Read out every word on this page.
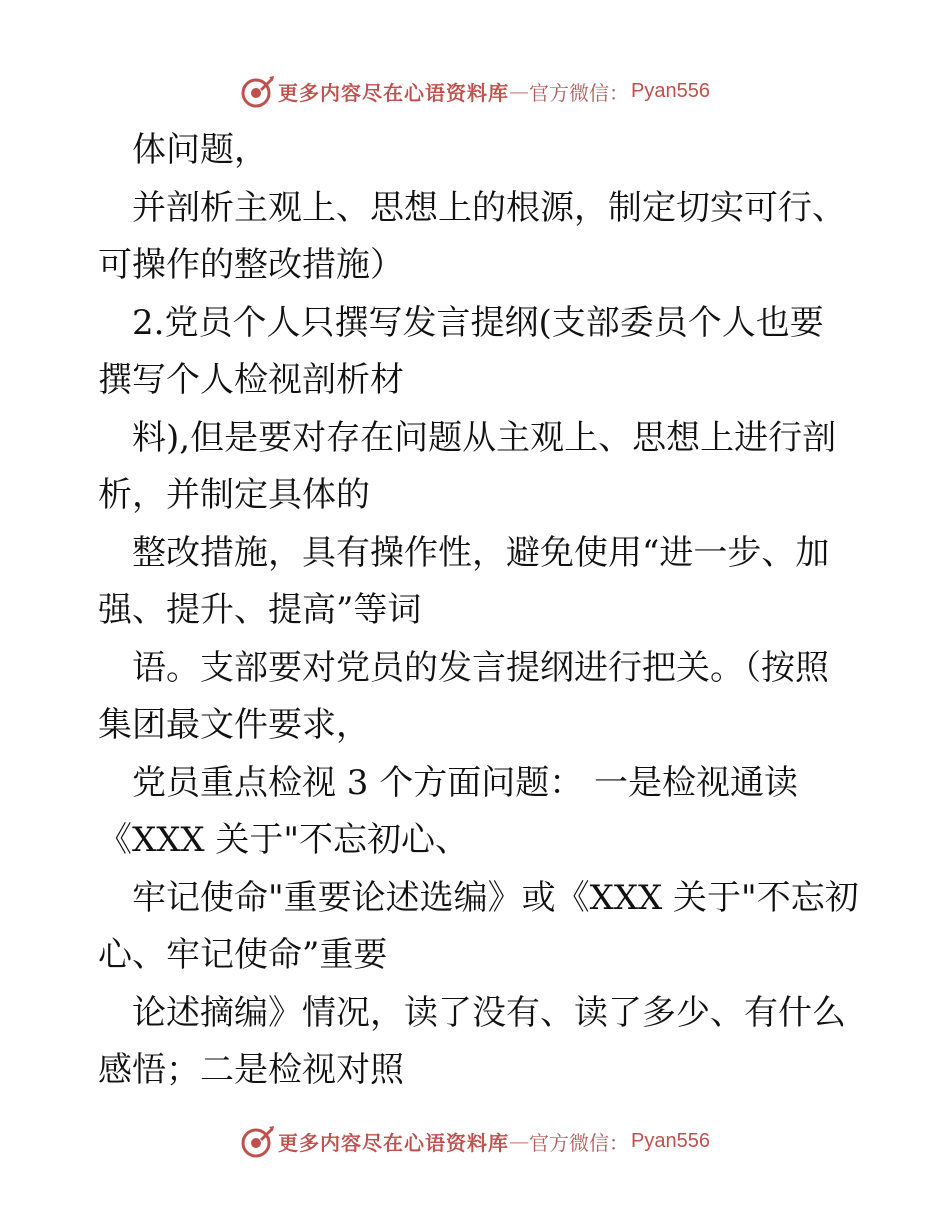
更多内容尽在心语资料库 — 官方微信： Pyan556
　体问题，
　并剖析主观上、思想上的根源，制定切实可行、
可操作的整改措施）
　2.党员个人只撰写发言提纲(支部委员个人也要
撰写个人检视剖析材
　料),但是要对存在问题从主观上、思想上进行剖
析，并制定具体的
　整改措施，具有操作性，避免使用“进一步、加
强、提升、提高”等词
　语。支部要对党员的发言提纲进行把关。（按照
集团最文件要求，
　党员重点检视 3 个方面问题： 一是检视通读
《XXX 关于"不忘初心、
　牢记使命"重要论述选编》或《XXX 关于"不忘初
心、牢记使命”重要
　论述摘编》情况，读了没有、读了多少、有什么
感悟；二是检视对照
更多内容尽在心语资料库 — 官方微信： Pyan556
